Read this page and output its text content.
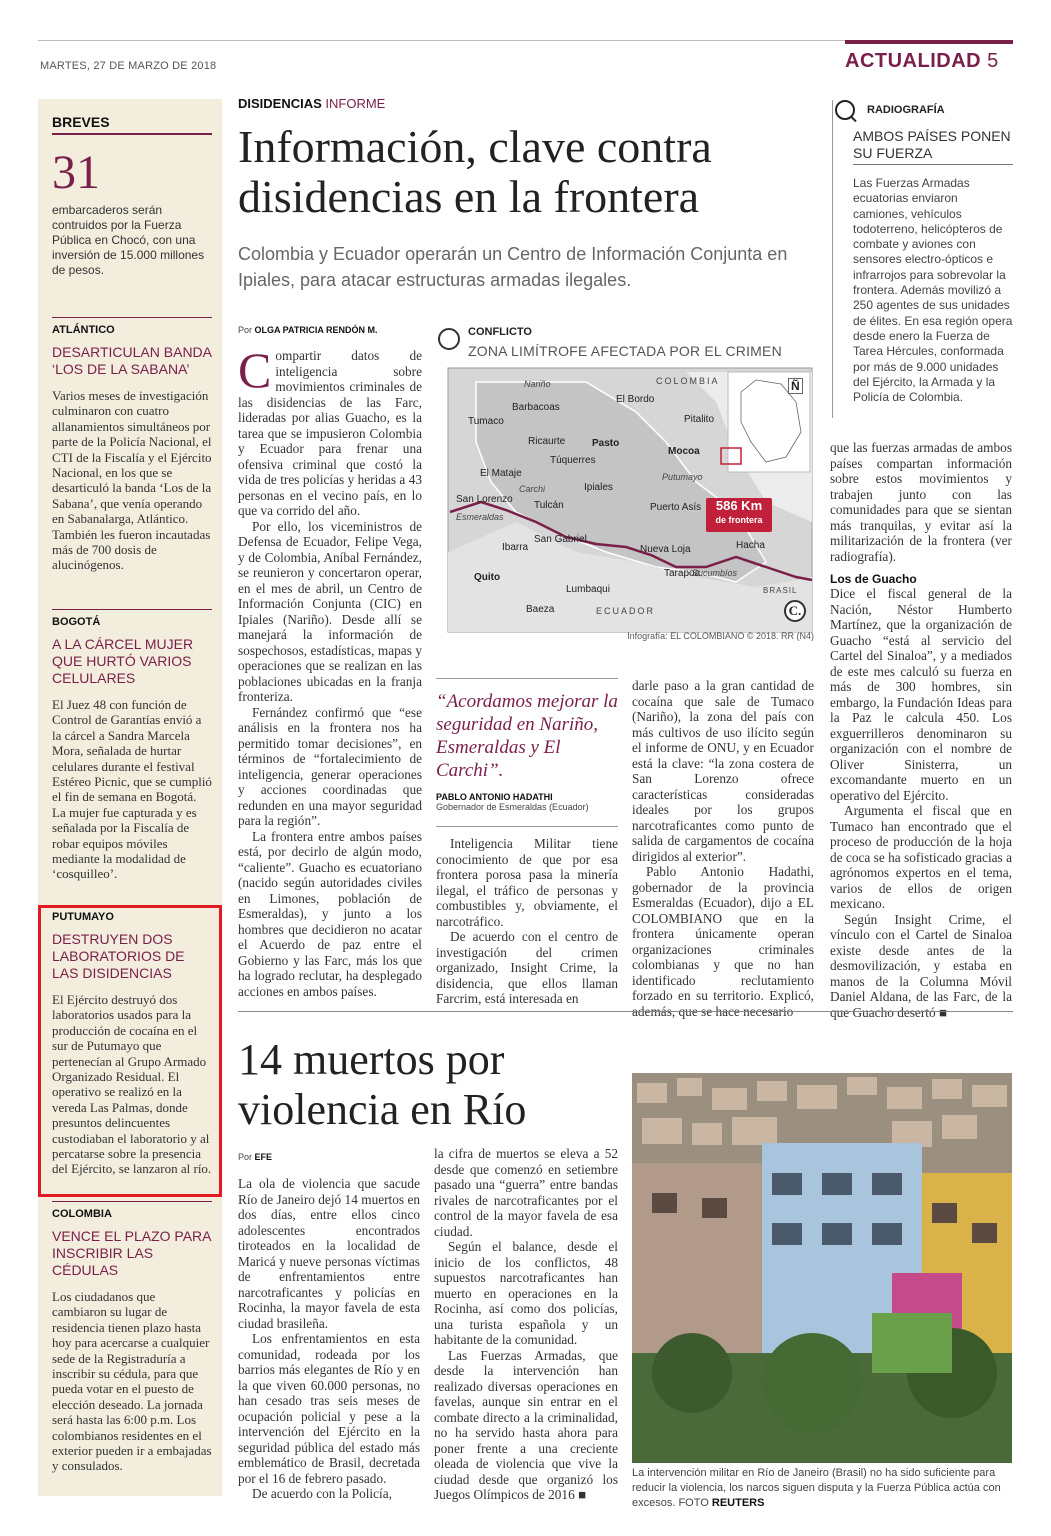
MARTES, 27 DE MARZO DE 2018	ACTUALIDAD 5
BREVES
31
embarcaderos serán contruidos por la Fuerza Pública en Chocó, con una inversión de 15.000 millones de pesos.
ATLÁNTICO
DESARTICULAN BANDA ‘LOS DE LA SABANA’
Varios meses de investigación culminaron con cuatro allanamientos simultáneos por parte de la Policía Nacional, el CTI de la Fiscalía y el Ejército Nacional, en los que se desarticuló la banda ‘Los de la Sabana’, que venía operando en Sabanalarga, Atlántico. También les fueron incautadas más de 700 dosis de alucinógenos.
BOGOTÁ
A LA CÁRCEL MUJER QUE HURTÓ VARIOS CELULARES
El Juez 48 con función de Control de Garantías envió a la cárcel a Sandra Marcela Mora, señalada de hurtar celulares durante el festival Estéreo Picnic, que se cumplió el fin de semana en Bogotá. La mujer fue capturada y es señalada por la Fiscalía de robar equipos móviles mediante la modalidad de ‘cosquilleo’.
PUTUMAYO
DESTRUYEN DOS LABORATORIOS DE LAS DISIDENCIAS
El Ejército destruyó dos laboratorios usados para la producción de cocaína en el sur de Putumayo que pertenecían al Grupo Armado Organizado Residual. El operativo se realizó en la vereda Las Palmas, donde presuntos delincuentes custodiaban el laboratorio y al percatarse sobre la presencia del Ejército, se lanzaron al río.
COLOMBIA
VENCE EL PLAZO PARA INSCRIBIR LAS CÉDULAS
Los ciudadanos que cambiaron su lugar de residencia tienen plazo hasta hoy para acercarse a cualquier sede de la Registraduría a inscribir su cédula, para que pueda votar en el puesto de elección deseado. La jornada será hasta las 6:00 p.m. Los colombianos residentes en el exterior pueden ir a embajadas y consulados.
DISIDENCIAS INFORME
Información, clave contra disidencias en la frontera
Colombia y Ecuador operarán un Centro de Información Conjunta en Ipiales, para atacar estructuras armadas ilegales.
Por OLGA PATRICIA RENDÓN M.

Compartir datos de inteligencia sobre movimientos criminales de las disidencias de las Farc, lideradas por alias Guacho, es la tarea que se impusieron Colombia y Ecuador para frenar una ofensiva criminal que costó la vida de tres policías y heridas a 43 personas en el vecino país, en lo que va corrido del año.

Por ello, los viceministros de Defensa de Ecuador, Felipe Vega, y de Colombia, Aníbal Fernández, se reunieron y concertaron operar, en el mes de abril, un Centro de Información Conjunta (CIC) en Ipiales (Nariño). Desde allí se manejará la información de sospechosos, estadísticas, mapas y operaciones que se realizan en las poblaciones ubicadas en la franja fronteriza.

Fernández confirmó que “ese análisis en la frontera nos ha permitido tomar decisiones”, en términos de “fortalecimiento de inteligencia, generar operaciones y acciones coordinadas que redunden en una mayor seguridad para la región”.

La frontera entre ambos países está, por decirlo de algún modo, “caliente”. Guacho es ecuatoriano (nacido según autoridades civiles en Limones, población de Esmeraldas), y junto a los hombres que decidieron no acatar el Acuerdo de paz entre el Gobierno y las Farc, más los que ha logrado reclutar, ha desplegado acciones en ambos países.

CONFLICTO
ZONA LIMÍTROFE AFECTADA POR EL CRIMEN
586 Km
de frontera
COLOMBIA
ECUADOR
BRASIL
Ñ
Nariño
Carchi
Esmeraldas
Putumayo
Sucumbíos
Barbacoas
Tumaco
Ricaurte	Pasto
Túquerres
El Mataje
Ipiales
Mocoa
San Lorenzo
Tulcán	Puerto Asís
San Gabriel
Ibarra	Nueva Loja	Hacha
Tarapoa
Quito
Lumbaqui
Baeza
El Bordo
Pitalito
C.
Infografía: EL COLOMBIANO © 2018. RR (N4)
“Acordamos mejorar la seguridad en Nariño, Esmeraldas y El Carchi”.
PABLO ANTONIO HADATHI
Gobernador de Esmeraldas (Ecuador)

Inteligencia Militar tiene conocimiento de que por esa frontera porosa pasa la minería ilegal, el tráfico de personas y combustibles y, obviamente, el narcotráfico.

De acuerdo con el centro de investigación del crimen organizado, Insight Crime, la disidencia, que ellos llaman Farcrim, está interesada en

darle paso a la gran cantidad de cocaína que sale de Tumaco (Nariño), la zona del país con más cultivos de uso ilícito según el informe de ONU, y en Ecuador está la clave: “la zona costera de San Lorenzo ofrece características consideradas ideales por los grupos narcotraficantes como punto de salida de cargamentos de cocaína dirigidos al exterior”.

Pablo Antonio Hadathi, gobernador de la provincia Esmeraldas (Ecuador), dijo a EL COLOMBIANO que en la frontera únicamente operan organizaciones criminales colombianas y que no han identificado reclutamiento forzado en su territorio. Explicó, además, que se hace necesario

RADIOGRAFÍA
AMBOS PAÍSES PONEN SU FUERZA
Las Fuerzas Armadas ecuatorias enviaron camiones, vehículos todoterreno, helicópteros de combate y aviones con sensores electro-ópticos e infrarrojos para sobrevolar la frontera. Además movilizó a 250 agentes de sus unidades de élites. En esa región opera desde enero la Fuerza de Tarea Hércules, conformada por más de 9.000 unidades del Ejército, la Armada y la Policía de Colombia.

que las fuerzas armadas de ambos países compartan información sobre estos movimientos y trabajen junto con las comunidades para que se sientan más tranquilas, y evitar así la militarización de la frontera (ver radiografía).

Los de Guacho

Dice el fiscal general de la Nación, Néstor Humberto Martínez, que la organización de Guacho “está al servicio del Cartel del Sinaloa”, y a mediados de este mes calculó su fuerza en más de 300 hombres, sin embargo, la Fundación Ideas para la Paz le calcula 450. Los exguerrilleros denominaron su organización con el nombre de Oliver Sinisterra, un excomandante muerto en un operativo del Ejército.

Argumenta el fiscal que en Tumaco han encontrado que el proceso de producción de la hoja de coca se ha sofisticado gracias a agrónomos expertos en el tema, varios de ellos de origen mexicano.

Según Insight Crime, el vínculo con el Cartel de Sinaloa existe desde antes de la desmovilización, y estaba en manos de la Columna Móvil Daniel Aldana, de las Farc, de la que Guacho desertó ■

14 muertos por violencia en Río
Por EFE

La ola de violencia que sacude Río de Janeiro dejó 14 muertos en dos días, entre ellos cinco adolescentes encontrados tiroteados en la localidad de Maricá y nueve personas víctimas de enfrentamientos entre narcotraficantes y policías en Rocinha, la mayor favela de esta ciudad brasileña.

Los enfrentamientos en esta comunidad, rodeada por los barrios más elegantes de Río y en la que viven 60.000 personas, no han cesado tras seis meses de ocupación policial y pese a la intervención del Ejército en la seguridad pública del estado más emblemático de Brasil, decretada por el 16 de febrero pasado.

De acuerdo con la Policía,

la cifra de muertos se eleva a 52 desde que comenzó en setiembre pasado una “guerra” entre bandas rivales de narcotraficantes por el control de la mayor favela de esa ciudad.

Según el balance, desde el inicio de los conflictos, 48 supuestos narcotraficantes han muerto en operaciones en la Rocinha, así como dos policías, una turista española y un habitante de la comunidad.

Las Fuerzas Armadas, que desde la intervención han realizado diversas operaciones en favelas, aunque sin entrar en el combate directo a la criminalidad, no ha servido hasta ahora para poner frente a una creciente oleada de violencia que vive la ciudad desde que organizó los Juegos Olímpicos de 2016 ■

La intervención militar en Río de Janeiro (Brasil) no ha sido suficiente para reducir la violencia, los narcos siguen disputa y la Fuerza Pública actúa con excesos. FOTO REUTERS
